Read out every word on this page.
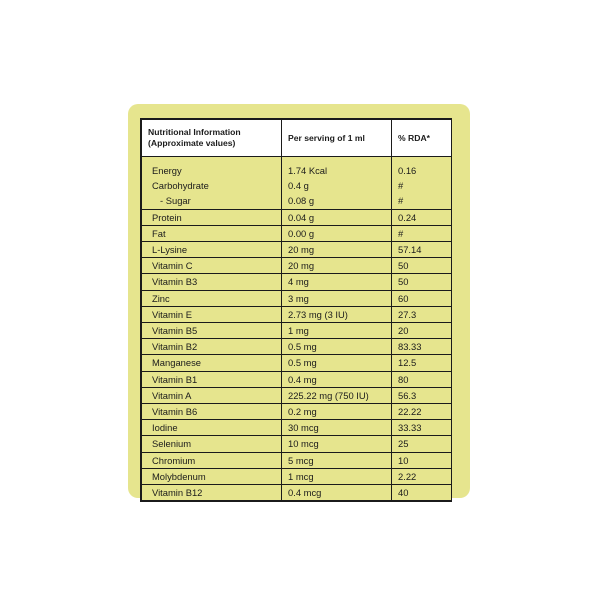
Nutritional Information
(Approximate values)	Per serving of 1 ml	% RDA*

Energy	1.74 Kcal	0.16
Carbohydrate	0.4 g	#
- Sugar	0.08 g	#
Protein	0.04 g	0.24
Fat	0.00 g	#
L-Lysine	20 mg	57.14
Vitamin C	20 mg	50
Vitamin B3	4 mg	50
Zinc	3 mg	60
Vitamin E	2.73 mg (3 IU)	27.3
Vitamin B5	1 mg	20
Vitamin B2	0.5 mg	83.33
Manganese	0.5 mg	12.5
Vitamin B1	0.4 mg	80
Vitamin A	225.22 mg (750 IU)	56.3
Vitamin B6	0.2 mg	22.22
Iodine	30 mcg	33.33
Selenium	10 mcg	25
Chromium	5 mcg	10
Molybdenum	1 mcg	2.22
Vitamin B12	0.4 mcg	40
